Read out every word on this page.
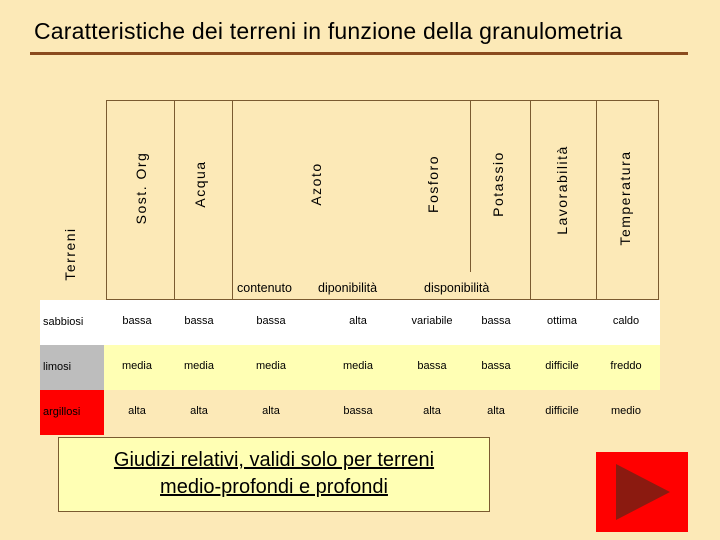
Caratteristiche dei terreni in funzione della granulometria
Terreni
Sost. Org	Acqua	Azoto	Fosforo	Potassio	Lavorabilità	Temperatura
contenuto diponibilità	disponibilità
sabbiosi	bassa	bassa	bassa	alta	variabile	bassa	ottima	caldo
limosi	media	media	media	media	bassa	bassa	difficile	freddo
argillosi	alta	alta	alta	bassa	alta	alta	difficile	medio
Giudizi relativi, validi solo per terreni
medio-profondi e profondi
